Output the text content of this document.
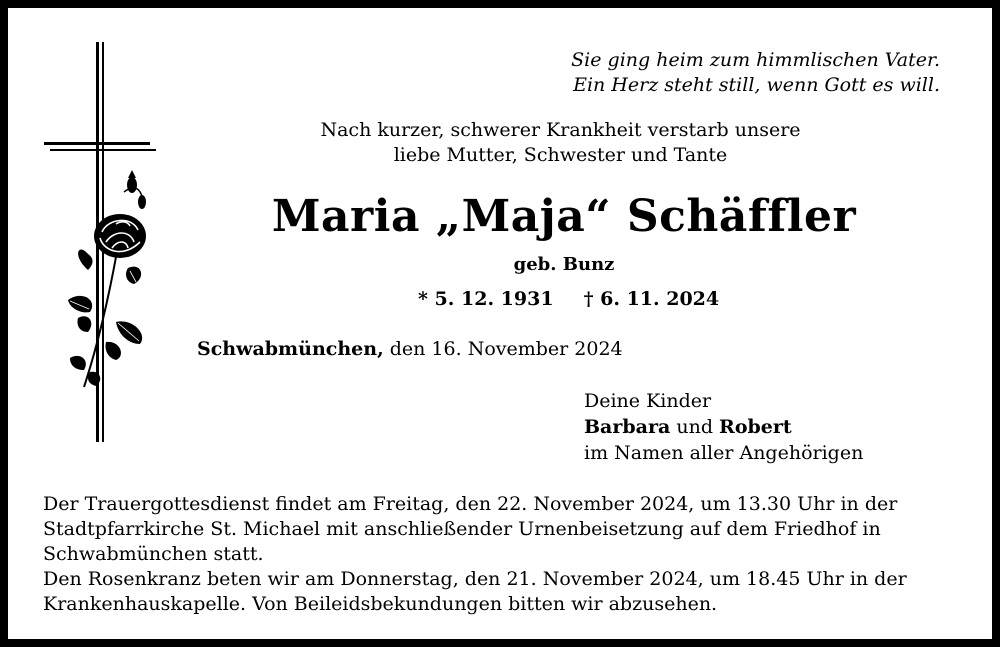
Sie ging heim zum himmlischen Vater.
Ein Herz steht still, wenn Gott es will.
Nach kurzer, schwerer Krankheit verstarb unsere
liebe Mutter, Schwester und Tante
Maria „Maja“ Schäffler
geb. Bunz
* 5. 12. 1931 † 6. 11. 2024
Schwabmünchen, den 16. November 2024
Deine Kinder
Barbara und Robert
im Namen aller Angehörigen

Der Trauergottesdienst findet am Freitag, den 22. November 2024, um 13.30 Uhr in der Stadtpfarrkirche St. Michael mit anschließender Urnenbeisetzung auf dem Friedhof in Schwabmünchen statt.

Den Rosenkranz beten wir am Donnerstag, den 21. November 2024, um 18.45 Uhr in der Krankenhauskapelle. Von Beileidsbekundungen bitten wir abzusehen.
